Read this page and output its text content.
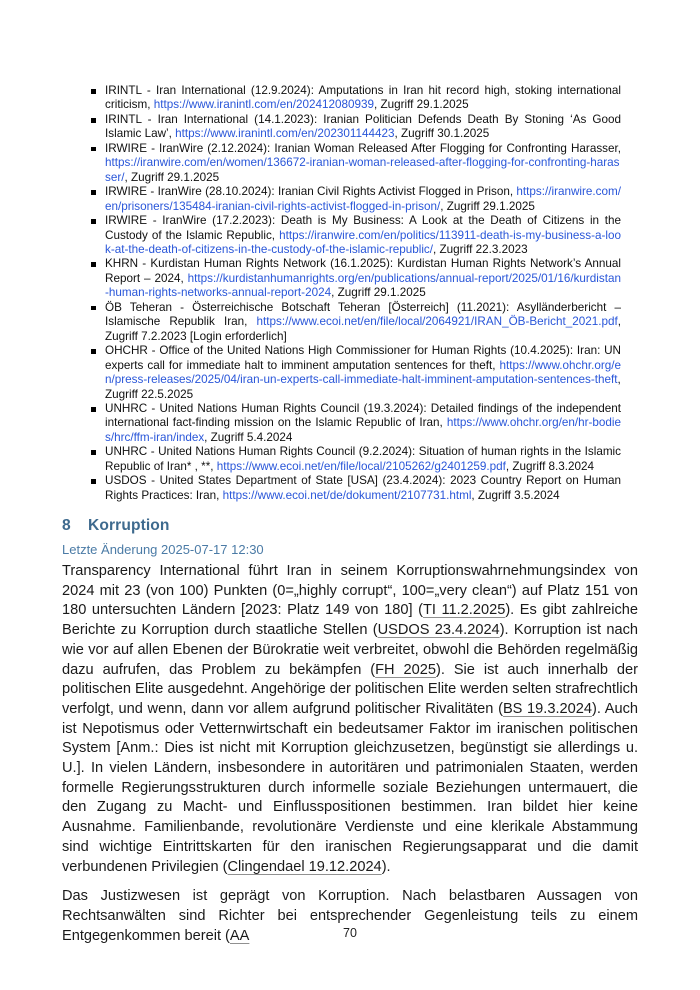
IRINTL - Iran International (12.9.2024): Amputations in Iran hit record high, stoking international criticism, https://www.iranintl.com/en/202412080939, Zugriff 29.1.2025
IRINTL - Iran International (14.1.2023): Iranian Politician Defends Death By Stoning ‘As Good Islamic Law’, https://www.iranintl.com/en/202301144423, Zugriff 30.1.2025
IRWIRE - IranWire (2.12.2024): Iranian Woman Released After Flogging for Confronting Harasser, https://iranwire.com/en/women/136672-iranian-woman-released-after-flogging-for-confronting-harasser/, Zugriff 29.1.2025
IRWIRE - IranWire (28.10.2024): Iranian Civil Rights Activist Flogged in Prison, https://iranwire.com/en/prisoners/135484-iranian-civil-rights-activist-flogged-in-prison/, Zugriff 29.1.2025
IRWIRE - IranWire (17.2.2023): Death is My Business: A Look at the Death of Citizens in the Custody of the Islamic Republic, https://iranwire.com/en/politics/113911-death-is-my-business-a-look-at-the-death-of-citizens-in-the-custody-of-the-islamic-republic/, Zugriff 22.3.2023
KHRN - Kurdistan Human Rights Network (16.1.2025): Kurdistan Human Rights Network’s Annual Report – 2024, https://kurdistanhumanrights.org/en/publications/annual-report/2025/01/16/kurdistan-human-rights-networks-annual-report-2024, Zugriff 29.1.2025
ÖB Teheran - Österreichische Botschaft Teheran [Österreich] (11.2021): Asylländerbericht – Islamische Republik Iran, https://www.ecoi.net/en/file/local/2064921/IRAN_ÖB-Bericht_2021.pdf, Zugriff 7.2.2023 [Login erforderlich]
OHCHR - Office of the United Nations High Commissioner for Human Rights (10.4.2025): Iran: UN experts call for immediate halt to imminent amputation sentences for theft, https://www.ohchr.org/en/press-releases/2025/04/iran-un-experts-call-immediate-halt-imminent-amputation-sentences-theft, Zugriff 22.5.2025
UNHRC - United Nations Human Rights Council (19.3.2024): Detailed findings of the independent international fact-finding mission on the Islamic Republic of Iran, https://www.ohchr.org/en/hr-bodies/hrc/ffm-iran/index, Zugriff 5.4.2024
UNHRC - United Nations Human Rights Council (9.2.2024): Situation of human rights in the Islamic Republic of Iran* , **, https://www.ecoi.net/en/file/local/2105262/g2401259.pdf, Zugriff 8.3.2024
USDOS - United States Department of State [USA] (23.4.2024): 2023 Country Report on Human Rights Practices: Iran, https://www.ecoi.net/de/dokument/2107731.html, Zugriff 3.5.2024
8 Korruption
Letzte Änderung 2025-07-17 12:30

Transparency International führt Iran in seinem Korruptionswahrnehmungsindex von 2024 mit 23 (von 100) Punkten (0=„highly corrupt“, 100=„very clean“) auf Platz 151 von 180 untersuchten Ländern [2023: Platz 149 von 180] (TI 11.2.2025). Es gibt zahlreiche Berichte zu Korruption durch staatliche Stellen (USDOS 23.4.2024). Korruption ist nach wie vor auf allen Ebenen der Bürokratie weit verbreitet, obwohl die Behörden regelmäßig dazu aufrufen, das Problem zu bekämpfen (FH 2025). Sie ist auch innerhalb der politischen Elite ausgedehnt. Angehörige der politischen Elite werden selten strafrechtlich verfolgt, und wenn, dann vor allem aufgrund politischer Rivalitäten (BS 19.3.2024). Auch ist Nepotismus oder Vetternwirtschaft ein bedeutsamer Faktor im iranischen politischen System [Anm.: Dies ist nicht mit Korruption gleichzusetzen, begünstigt sie allerdings u. U.]. In vielen Ländern, insbesondere in autoritären und patrimonialen Staaten, werden formelle Regierungsstrukturen durch informelle soziale Beziehungen untermauert, die den Zugang zu Macht- und Einflusspositionen bestimmen. Iran bildet hier keine Ausnahme. Familienbande, revolutionäre Verdienste und eine klerikale Abstammung sind wichtige Eintrittskarten für den iranischen Regierungsapparat und die damit verbundenen Privilegien (Clingendael 19.12.2024).

Das Justizwesen ist geprägt von Korruption. Nach belastbaren Aussagen von Rechtsanwälten sind Richter bei entsprechender Gegenleistung teils zu einem Entgegenkommen bereit (AA	70
